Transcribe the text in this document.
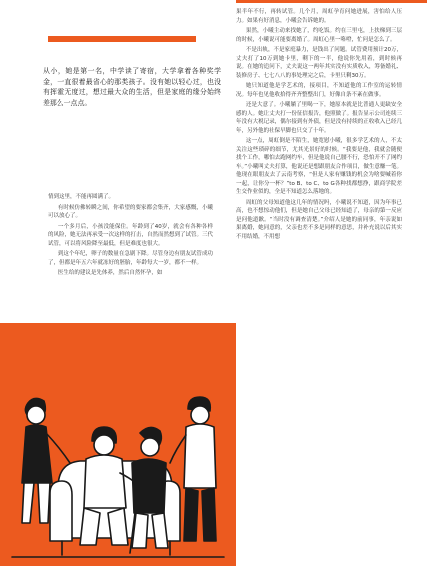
从小，她是第一名，中学读了寄宿，大学拿着各种奖学金，一直很着最省心的那类孩子。没有她以轻心过，也没有挥霍无度过，想过最大众的生活，但是家庭的缘分始终差那么一点点。

情到这里，不能再圆满了。

有时候仿佛转瞬之间，你希望的要家都会集齐，大家感慨，小曦可以放心了。

一个多月后，小孩没能保住。年龄到了40岁，就会有各种各样的风险，她无法再承受一次这样的打击，自然而然想到了试管。三代试管，可以将风险降至最低，但是难度也很大。

到这个年纪，卵子的数量在急剧下降。尽管身边有朋友试管成功了，但都是年五六年就冻好的胚胎，年龄每大一岁，都不一样。

医生给的建议是先体养，然后自然怀孕，如

果半年不行，再转试管。几个月，周虹孕育问她进展，害怕给人压力。如果有好消息，小曦会告诉她的。

果然，小曦主动来找她了，约吃饭。约在三里屯，上扶梯到三层的时候，小曦说可能要离婚了。周虹心里一咯噔，忙问是怎么了。

不是出轨，不是家庭暴力，是钱出了问题。试管费用预计20万，丈夫打了10万到她卡里，剩下的一半，他说你先用着，到时候再说。在她的追问下，丈夫说这一两年其实没有实质收入，筹备婚礼、装修房子、七七八八的事处理完之后，卡里只剩30万。

她只知道他是学艺术的，接项目，不知道他的工作室的运转情况。每年也见他收拾得齐齐整整出门，好像自条不紊在做事。

还是大意了。小曦躺了里喝一下，她原本就是比普通人更缺安全感的人。她让丈夫打一份征信报告，他照做了。报告显示公司连续三年没有大税记录，偶尔接到有外债，但是没有持续的正收收入已经几年，另外他的社保早脚也只交了十年。

这一点，周虹倒是不陌生，她宽慰小曦，很多学艺术的人，不太关注这些琐碎的细节，尤其光景好的时候。“我要是他，我就会随便找个工作，哪怕去跑网约车，但是他说自己腰不行，恐怕开不了网约车。”小曦叫丈夫打算，他说还是想跟朋友合作项目，做生意赚一笔。他现在眼朋友去了云南考察，“但是人家有赚钱的机会为啥要喊着你一起，让你分一杯？”to B、to C、to G各种找都想挣，跟商学院差生交作业似的，全是不知道怎么落地的。

周虹的父母知道他这几年的情况吗，小曦说不知道，因为年事已高，也不想惊动他们，但是她自己父母已经知道了，母亲的第一反应是问他道歉。“当时没有调查清楚。”介绍人是她的前同事，年亲说如果离婚，她同意的，父亲也差不多是同样的意思，并补充说以后其实不用结婚，不用想
